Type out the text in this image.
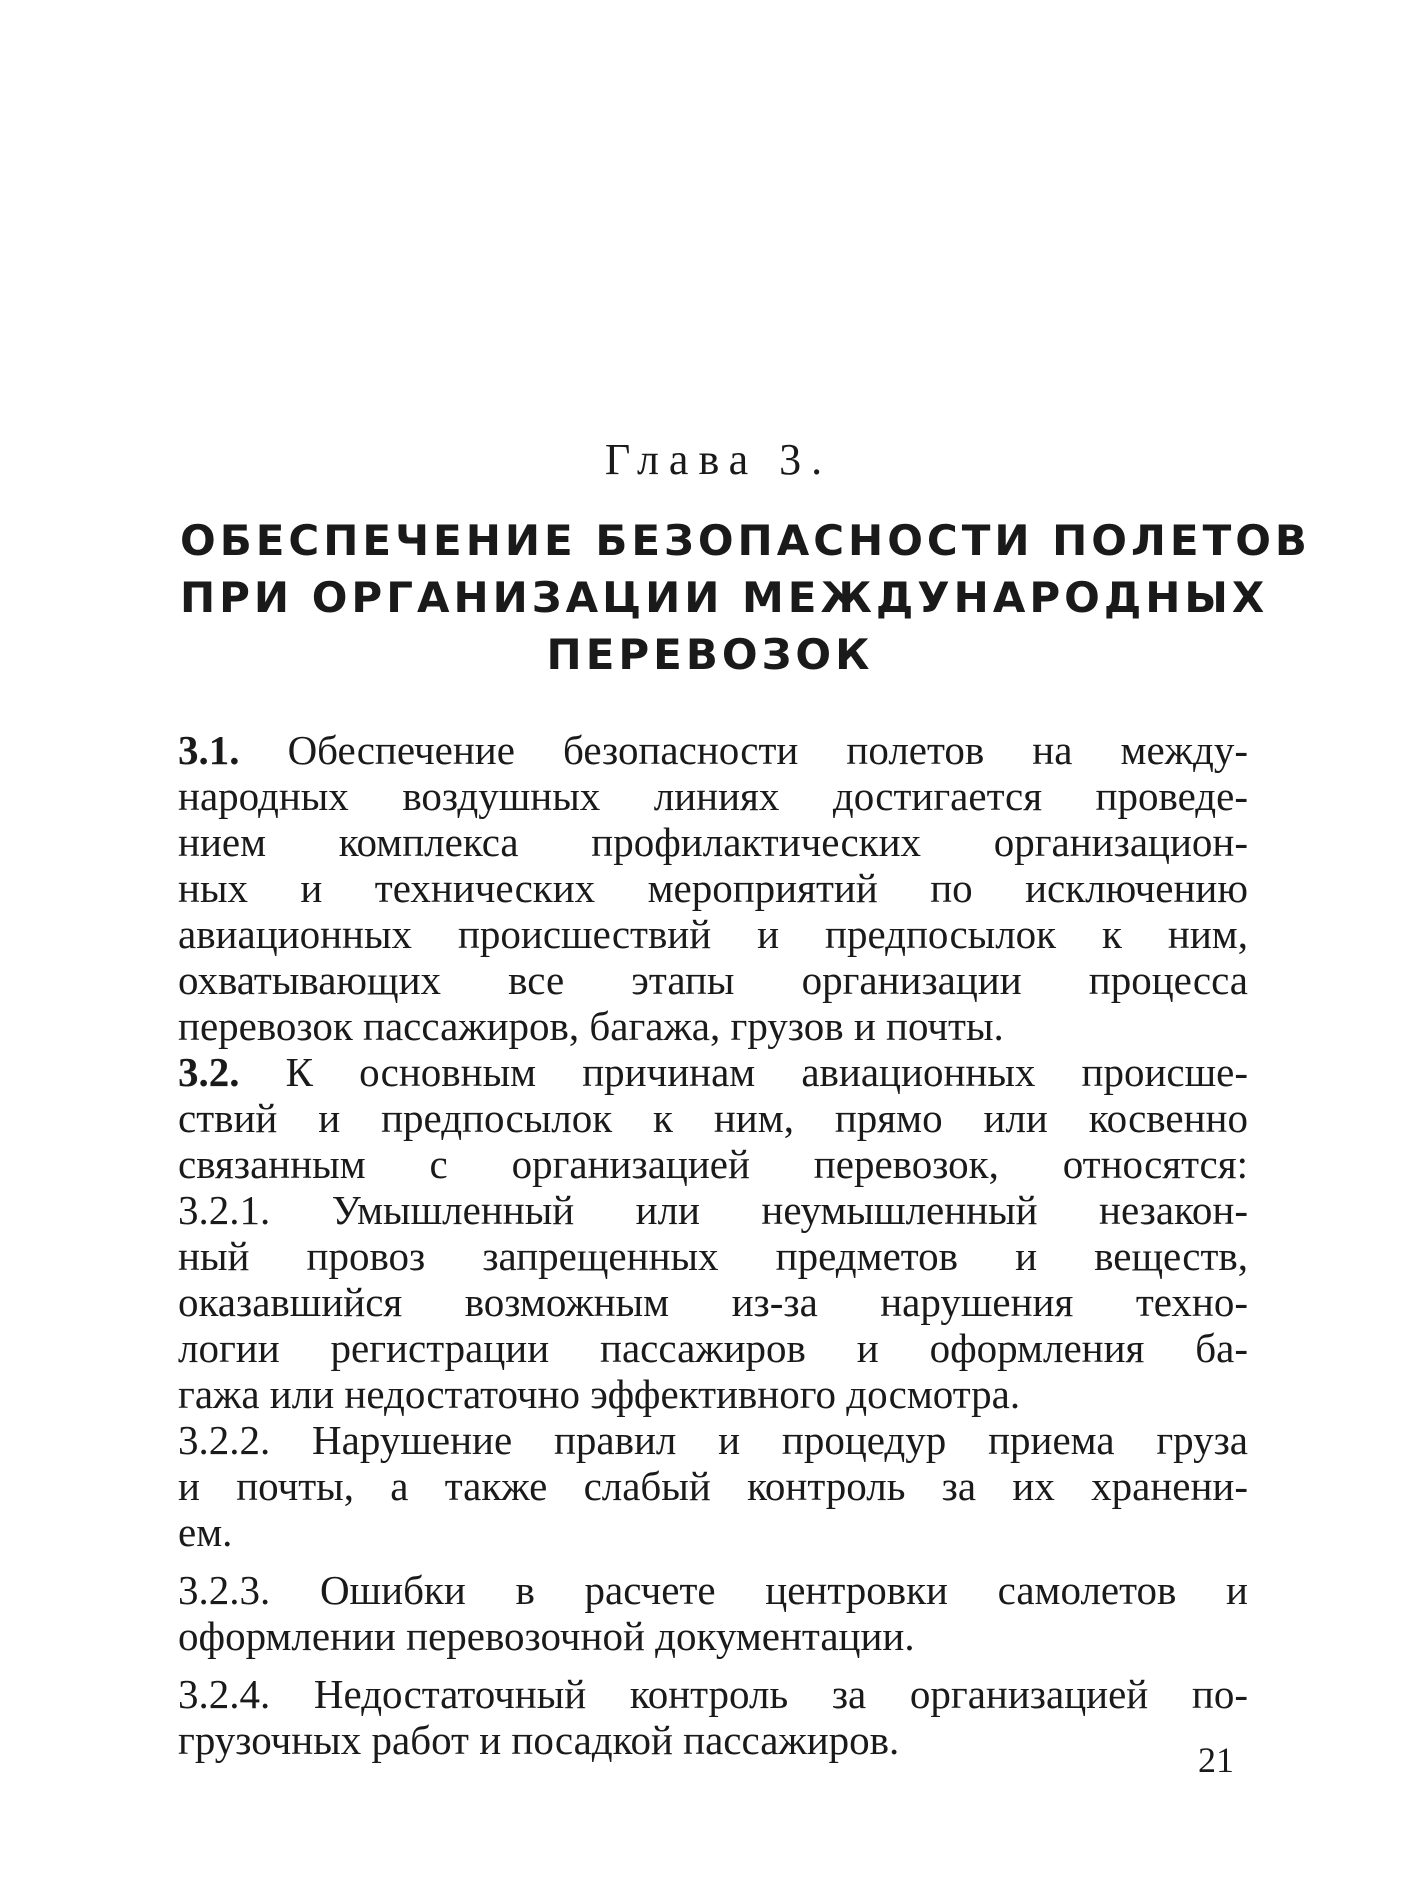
Глава 3.
ОБЕСПЕЧЕНИЕ БЕЗОПАСНОСТИ ПОЛЕТОВ
ПРИ ОРГАНИЗАЦИИ МЕЖДУНАРОДНЫХ
ПЕРЕВОЗОК
3.1. Обеспечение безопасности полетов на между-
народных воздушных линиях достигается проведе-
нием комплекса профилактических организацион-
ных и технических мероприятий по исключению
авиационных происшествий и предпосылок к ним,
охватывающих все этапы организации процесса
перевозок пассажиров, багажа, грузов и почты.
3.2. К основным причинам авиационных происше-
ствий и предпосылок к ним, прямо или косвенно
связанным с организацией перевозок, относятся:
3.2.1. Умышленный или неумышленный незакон-
ный провоз запрещенных предметов и веществ,
оказавшийся возможным из-за нарушения техно-
логии регистрации пассажиров и оформления ба-
гажа или недостаточно эффективного досмотра.
3.2.2. Нарушение правил и процедур приема груза
и почты, а также слабый контроль за их хранени-
ем.
3.2.3. Ошибки в расчете центровки самолетов и
оформлении перевозочной документации.
3.2.4. Недостаточный контроль за организацией по-
грузочных работ и посадкой пассажиров.	21
